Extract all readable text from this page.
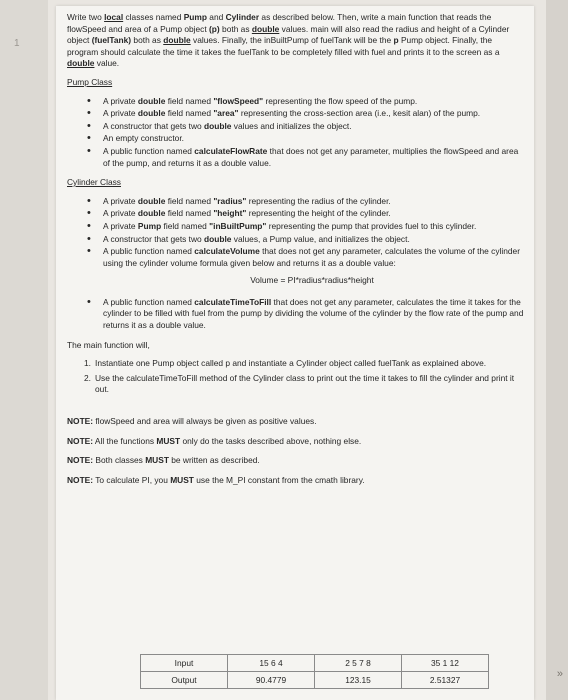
1
»

Write two local classes named Pump and Cylinder as described below. Then, write a main function that reads the flowSpeed and area of a Pump object (p) both as double values. main will also read the radius and height of a Cylinder object (fuelTank) both as double values. Finally, the inBuiltPump of fuelTank will be the p Pump object. Finally, the program should calculate the time it takes the fuelTank to be completely filled with fuel and prints it to the screen as a double value.

Pump Class

• A private double field named "flowSpeed" representing the flow speed of the pump.
• A private double field named "area" representing the cross-section area (i.e., kesit alan) of the pump.
• A constructor that gets two double values and initializes the object.
• An empty constructor.
• A public function named calculateFlowRate that does not get any parameter, multiplies the flowSpeed and area of the pump, and returns it as a double value.

Cylinder Class

• A private double field named "radius" representing the radius of the cylinder.
• A private double field named "height" representing the height of the cylinder.
• A private Pump field named "inBuiltPump" representing the pump that provides fuel to this cylinder.
• A constructor that gets two double values, a Pump value, and initializes the object.
• A public function named calculateVolume that does not get any parameter, calculates the volume of the cylinder using the cylinder volume formula given below and returns it as a double value:

Volume = PI*radius*radius*height

• A public function named calculateTimeToFill that does not get any parameter, calculates the time it takes for the cylinder to be filled with fuel from the pump by dividing the volume of the cylinder by the flow rate of the pump and returns it as a double value.

The main function will,

1. Instantiate one Pump object called p and instantiate a Cylinder object called fuelTank as explained above.
2. Use the calculateTimeToFill method of the Cylinder class to print out the time it takes to fill the cylinder and print it out.

NOTE: flowSpeed and area will always be given as positive values.

NOTE: All the functions MUST only do the tasks described above, nothing else.

NOTE: Both classes MUST be written as described.

NOTE: To calculate PI, you MUST use the M_PI constant from the cmath library.

Input	15 6 4	2 5 7 8	35 1 12
Output	90.4779	123.15	2.51327
